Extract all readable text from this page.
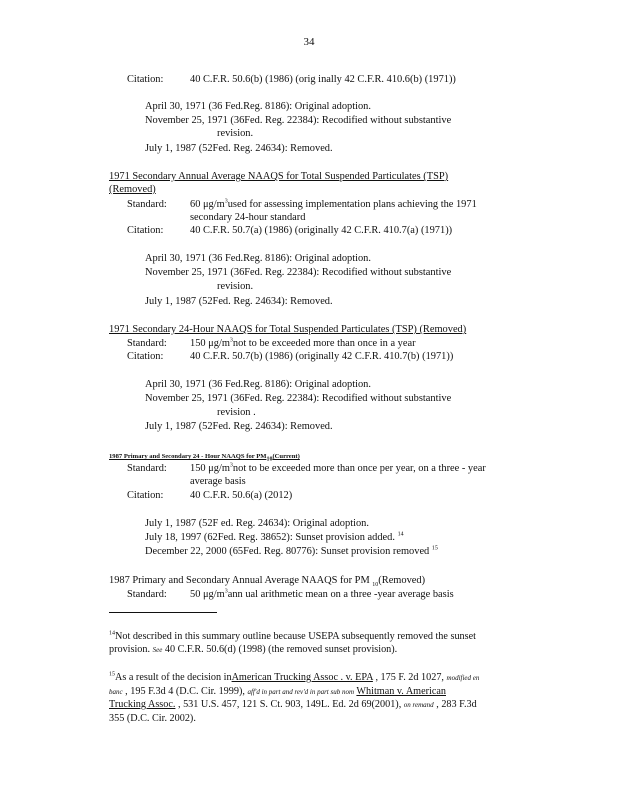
34
Citation:	40 C.F.R. 50.6(b) (1986) (orig inally 42 C.F.R. 410.6(b) (1971))
April 30, 1971 (36 Fed.Reg. 8186): Original adoption.
November 25, 1971 (36Fed. Reg. 22384): Recodified without substantive
revision.
July 1, 1987 (52Fed. Reg. 24634): Removed.
1971 Secondary Annual Average NAAQS for Total Suspended Particulates (TSP)
(Removed)
Standard: 60 $\mu g/m^3used$ for assessing implementation plans achieving the 1971
secondary 24-hour standard
Citation:	40 C.F.R. 50.7(a) (1986) (originally 42 C.F.R. 410.7(a) (1971))
April 30, 1971 (36 Fed.Reg. 8186): Original adoption.
November 25, 1971 (36Fed. Reg. 22384): Recodified without substantive
revision.
July 1, 1987 (52Fed. Reg. 24634): Removed.
1971 Secondary 24-Hour NAAQS for Total Suspended Particulates (TSP) (Removed)
Standard: 150 $\mu g/m^3not$ to be exceeded more than once in a year
Citation:	40 C.F.R. 50.7(b) (1986) (originally 42 C.F.R. 410.7(b) (1971))
April 30, 1971 (36 Fed.Reg. 8186): Original adoption.
November 25, 1971 (36Fed. Reg. 22384): Recodified without substantive
revision .
July 1, 1987 (52Fed. Reg. 24634): Removed.
1987 Primary and Secondary 24 - Hour NAAQS for PM10(Current)
Standard: 150 $\mu g/m^3not$ to be exceeded more than once per year, on a three - year
average basis
Citation:	40 C.F.R. 50.6(a) (2012)
July 1, 1987 (52F ed. Reg. 24634): Original adoption.
July 18, 1997 (62Fed. Reg. 38652): Sunset provision added. $^{14}$
December 22, 2000 (65Fed. Reg. 80776): Sunset provision removed $^{15}$
1987 Primary and Secondary Annual Average NAAQS for PM $_{10}$(Removed)
Standard: 50 $\mu g/m^3ann$ ual arithmetic mean on a three -year average basis
$^{14}$Not described in this summary outline because USEPA subsequently removed the sunset
provision. See 40 C.F.R. 50.6(d) (1998) (the removed sunset provision).
$^{15}$As a result of the decision inAmerican Trucking Assoc . v. EPA , 175 F. 2d 1027, modified en
banc , 195 F.3d 4 (D.C. Cir. 1999), aff'd in part and rev'd in part sub nom Whitman v. American
Trucking Assoc. , 531 U.S. 457, 121 S. Ct. 903, 149L. Ed. 2d 69(2001), on remand , 283 F.3d
355 (D.C. Cir. 2002).
